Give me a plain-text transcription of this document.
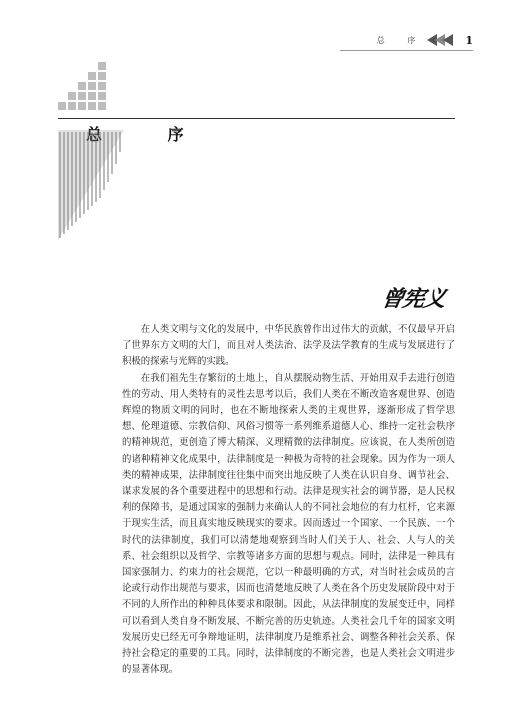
总 序	1
总 序
曾宪义

在人类文明与文化的发展中，中华民族曾作出过伟大的贡献，不仅最早开启了世界东方文明的大门，而且对人类法治、法学及法学教育的生成与发展进行了积极的探索与光辉的实践。

在我们祖先生存繁衍的土地上，自从摆脱动物生活、开始用双手去进行创造性的劳动、用人类特有的灵性去思考以后，我们人类在不断改造客观世界、创造辉煌的物质文明的同时，也在不断地探索人类的主观世界，逐渐形成了哲学思想、伦理道德、宗教信仰、风俗习惯等一系列维系道德人心、维持一定社会秩序的精神规范，更创造了博大精深、义理精微的法律制度。应该说，在人类所创造的诸种精神文化成果中，法律制度是一种极为奇特的社会现象。因为作为一项人类的精神成果，法律制度往往集中而突出地反映了人类在认识自身、调节社会、谋求发展的各个重要进程中的思想和行动。法律是现实社会的调节器，是人民权利的保障书，是通过国家的强制力来确认人的不同社会地位的有力杠杆，它来源于现实生活，而且真实地反映现实的要求。因而透过一个国家、一个民族、一个时代的法律制度，我们可以清楚地观察到当时人们关于人、社会、人与人的关系、社会组织以及哲学、宗教等诸多方面的思想与观点。同时，法律是一种具有国家强制力、约束力的社会规范，它以一种最明确的方式，对当时社会成员的言论或行动作出规范与要求，因而也清楚地反映了人类在各个历史发展阶段中对于不同的人所作出的种种具体要求和限制。因此，从法律制度的发展变迁中，同样可以看到人类自身不断发展、不断完善的历史轨迹。人类社会几千年的国家文明发展历史已经无可争辩地证明，法律制度乃是维系社会、调整各种社会关系、保持社会稳定的重要的工具。同时，法律制度的不断完善，也是人类社会文明进步的显著体现。
